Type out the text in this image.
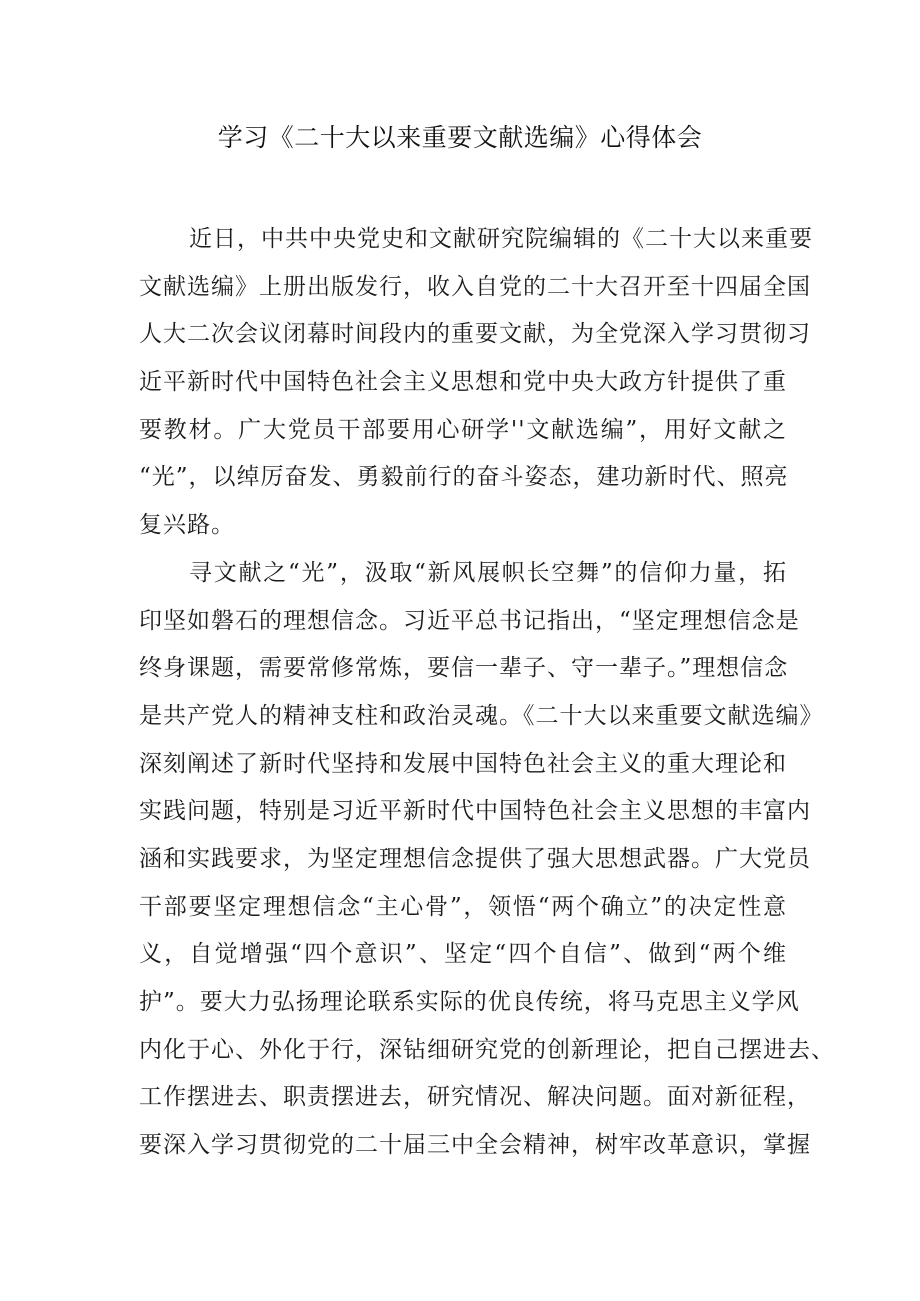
学习《二十大以来重要文献选编》心得体会
近日，中共中央党史和文献研究院编辑的《二十大以来重要
文献选编》上册出版发行，收入自党的二十大召开至十四届全国
人大二次会议闭幕时间段内的重要文献，为全党深入学习贯彻习
近平新时代中国特色社会主义思想和党中央大政方针提供了重
要教材。广大党员干部要用心研学''文献选编”，用好文献之
“光”，以绰厉奋发、勇毅前行的奋斗姿态，建功新时代、照亮
复兴路。
寻文献之“光”，汲取“新风展帜长空舞”的信仰力量，拓
印坚如磐石的理想信念。习近平总书记指出，“坚定理想信念是
终身课题，需要常修常炼，要信一辈子、守一辈子。”理想信念
是共产党人的精神支柱和政治灵魂。《二十大以来重要文献选编》
深刻阐述了新时代坚持和发展中国特色社会主义的重大理论和
实践问题，特别是习近平新时代中国特色社会主义思想的丰富内
涵和实践要求，为坚定理想信念提供了强大思想武器。广大党员
干部要坚定理想信念“主心骨”，领悟“两个确立”的决定性意
义，自觉增强“四个意识”、坚定“四个自信”、做到“两个维
护”。要大力弘扬理论联系实际的优良传统，将马克思主义学风
内化于心、外化于行，深钻细研究党的创新理论，把自己摆进去、
工作摆进去、职责摆进去，研究情况、解决问题。面对新征程，
要深入学习贯彻党的二十届三中全会精神，树牢改革意识，掌握
